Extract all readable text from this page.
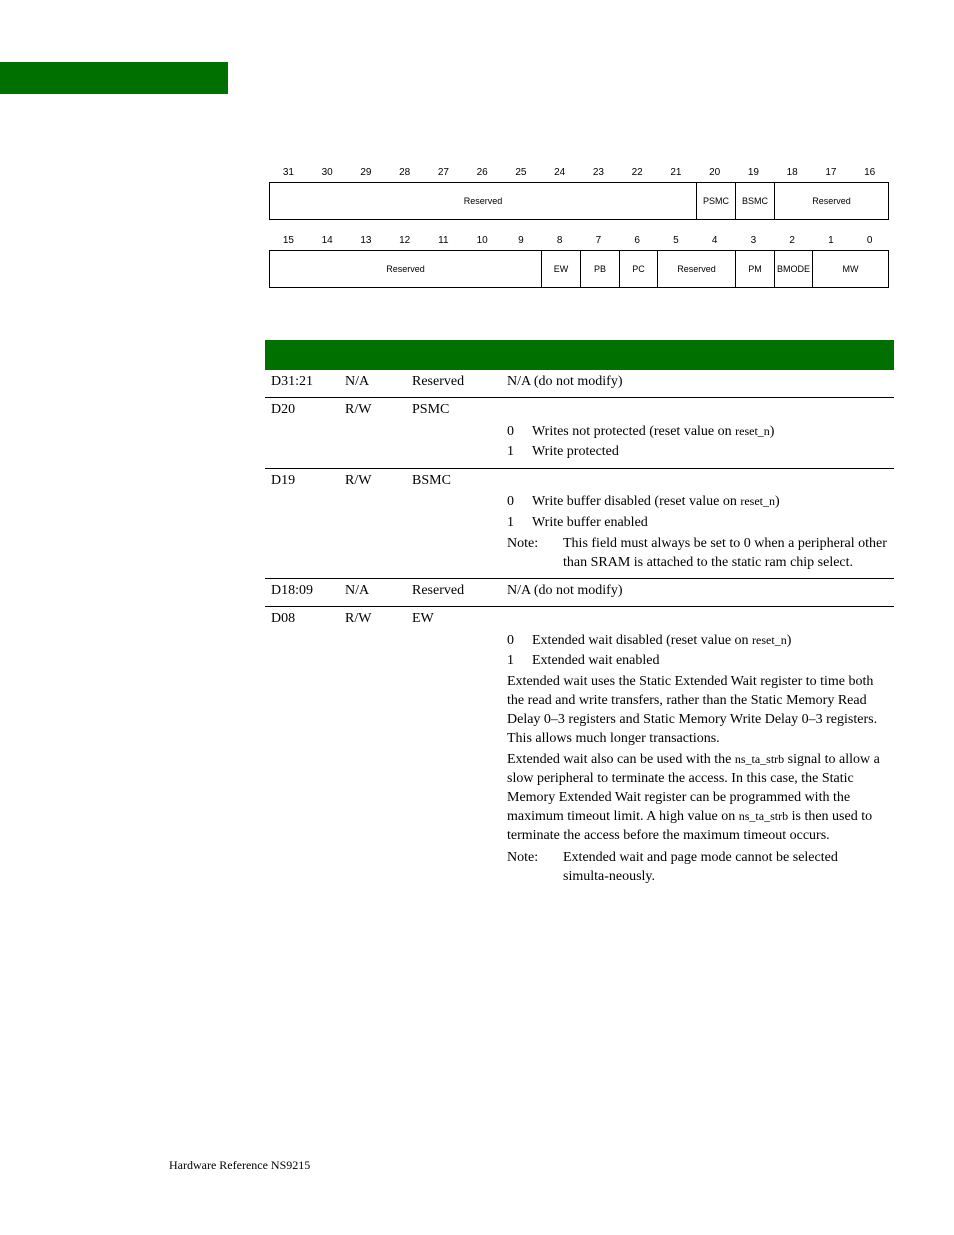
31	30	29	28	27	26	25	24	23	22	21	20	19	18	17	16
Reserved	PSMC	BSMC	Reserved
15	14	13	12	11	10	9	8	7	6	5	4	3	2	1	0
Reserved	EW	PB	PC	Reserved	PM	BMODE	MW
D31:21 N/A	Reserved	N/A (do not modify)
D20	R/W	PSMC
0 Writes not protected (reset value on reset_n)
1 Write protected
D19	R/W	BSMC
0 Write buffer disabled (reset value on reset_n)
1 Write buffer enabled
Note: This field must always be set to 0 when a peripheral other than SRAM is attached to the static ram chip select.
D18:09 N/A	Reserved	N/A (do not modify)
D08	R/W	EW
0 Extended wait disabled (reset value on reset_n)
1 Extended wait enabled
Extended wait uses the Static Extended Wait register to time both the read and write transfers, rather than the Static Memory Read Delay 0–3 registers and Static Memory Write Delay 0–3 registers. This allows much longer transactions.
Extended wait also can be used with the ns_ta_strb signal to allow a slow peripheral to terminate the access. In this case, the Static Memory Extended Wait register can be programmed with the maximum timeout limit. A high value on ns_ta_strb is then used to terminate the access before the maximum timeout occurs.
Note: Extended wait and page mode cannot be selected simulta-neously.
Hardware Reference NS9215
